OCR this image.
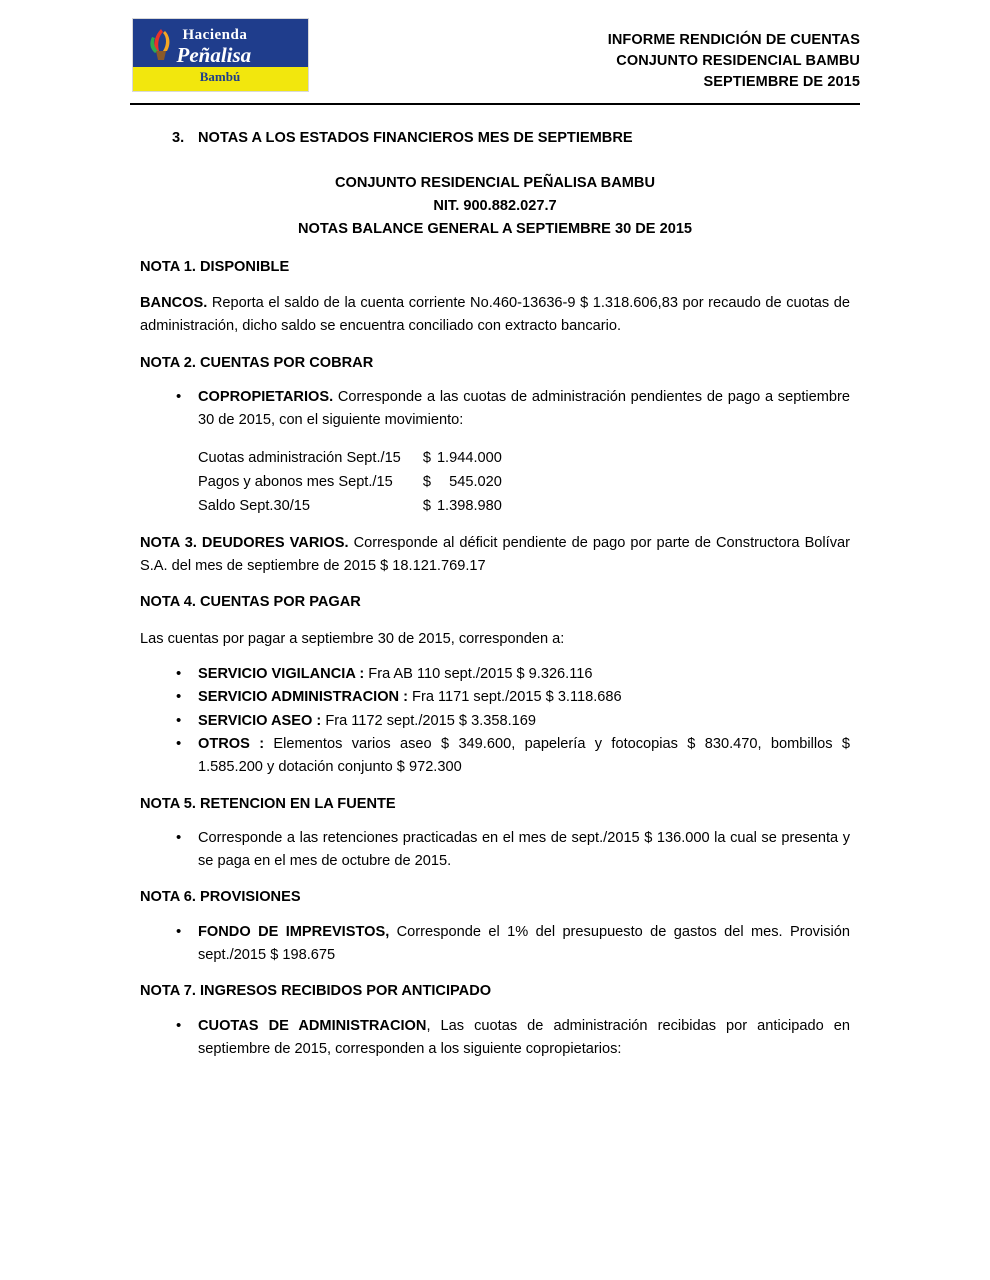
Hacienda
Peñalisa
Bambú
INFORME RENDICIÓN DE CUENTAS
CONJUNTO RESIDENCIAL BAMBU
SEPTIEMBRE DE 2015
3. NOTAS A LOS ESTADOS FINANCIEROS MES DE SEPTIEMBRE
CONJUNTO RESIDENCIAL PEÑALISA BAMBU
NIT. 900.882.027.7
NOTAS BALANCE GENERAL A SEPTIEMBRE 30 DE 2015
NOTA 1. DISPONIBLE

BANCOS. Reporta el saldo de la cuenta corriente No.460-13636-9 $ 1.318.606,83 por recaudo de cuotas de administración, dicho saldo se encuentra conciliado con extracto bancario.

NOTA 2. CUENTAS POR COBRAR
• COPROPIETARIOS. Corresponde a las cuotas de administración pendientes de pago a septiembre 30 de 2015, con el siguiente movimiento:
Cuotas administración Sept./15	$	1.944.000
Pagos y abonos mes Sept./15	$	545.020
Saldo Sept.30/15	$	1.398.980

NOTA 3. DEUDORES VARIOS. Corresponde al déficit pendiente de pago por parte de Constructora Bolívar S.A. del mes de septiembre de 2015 $ 18.121.769.17

NOTA 4. CUENTAS POR PAGAR

Las cuentas por pagar a septiembre 30 de 2015, corresponden a:

• SERVICIO VIGILANCIA : Fra AB 110 sept./2015 $ 9.326.116
• SERVICIO ADMINISTRACION : Fra 1171 sept./2015 $ 3.118.686
• SERVICIO ASEO : Fra 1172 sept./2015 $ 3.358.169
• OTROS : Elementos varios aseo $ 349.600, papelería y fotocopias $ 830.470, bombillos $ 1.585.200 y dotación conjunto $ 972.300
NOTA 5. RETENCION EN LA FUENTE
• Corresponde a las retenciones practicadas en el mes de sept./2015 $ 136.000 la cual se presenta y se paga en el mes de octubre de 2015.
NOTA 6. PROVISIONES
• FONDO DE IMPREVISTOS, Corresponde el 1% del presupuesto de gastos del mes. Provisión sept./2015 $ 198.675
NOTA 7. INGRESOS RECIBIDOS POR ANTICIPADO
• CUOTAS DE ADMINISTRACION, Las cuotas de administración recibidas por anticipado en septiembre de 2015, corresponden a los siguiente copropietarios:
